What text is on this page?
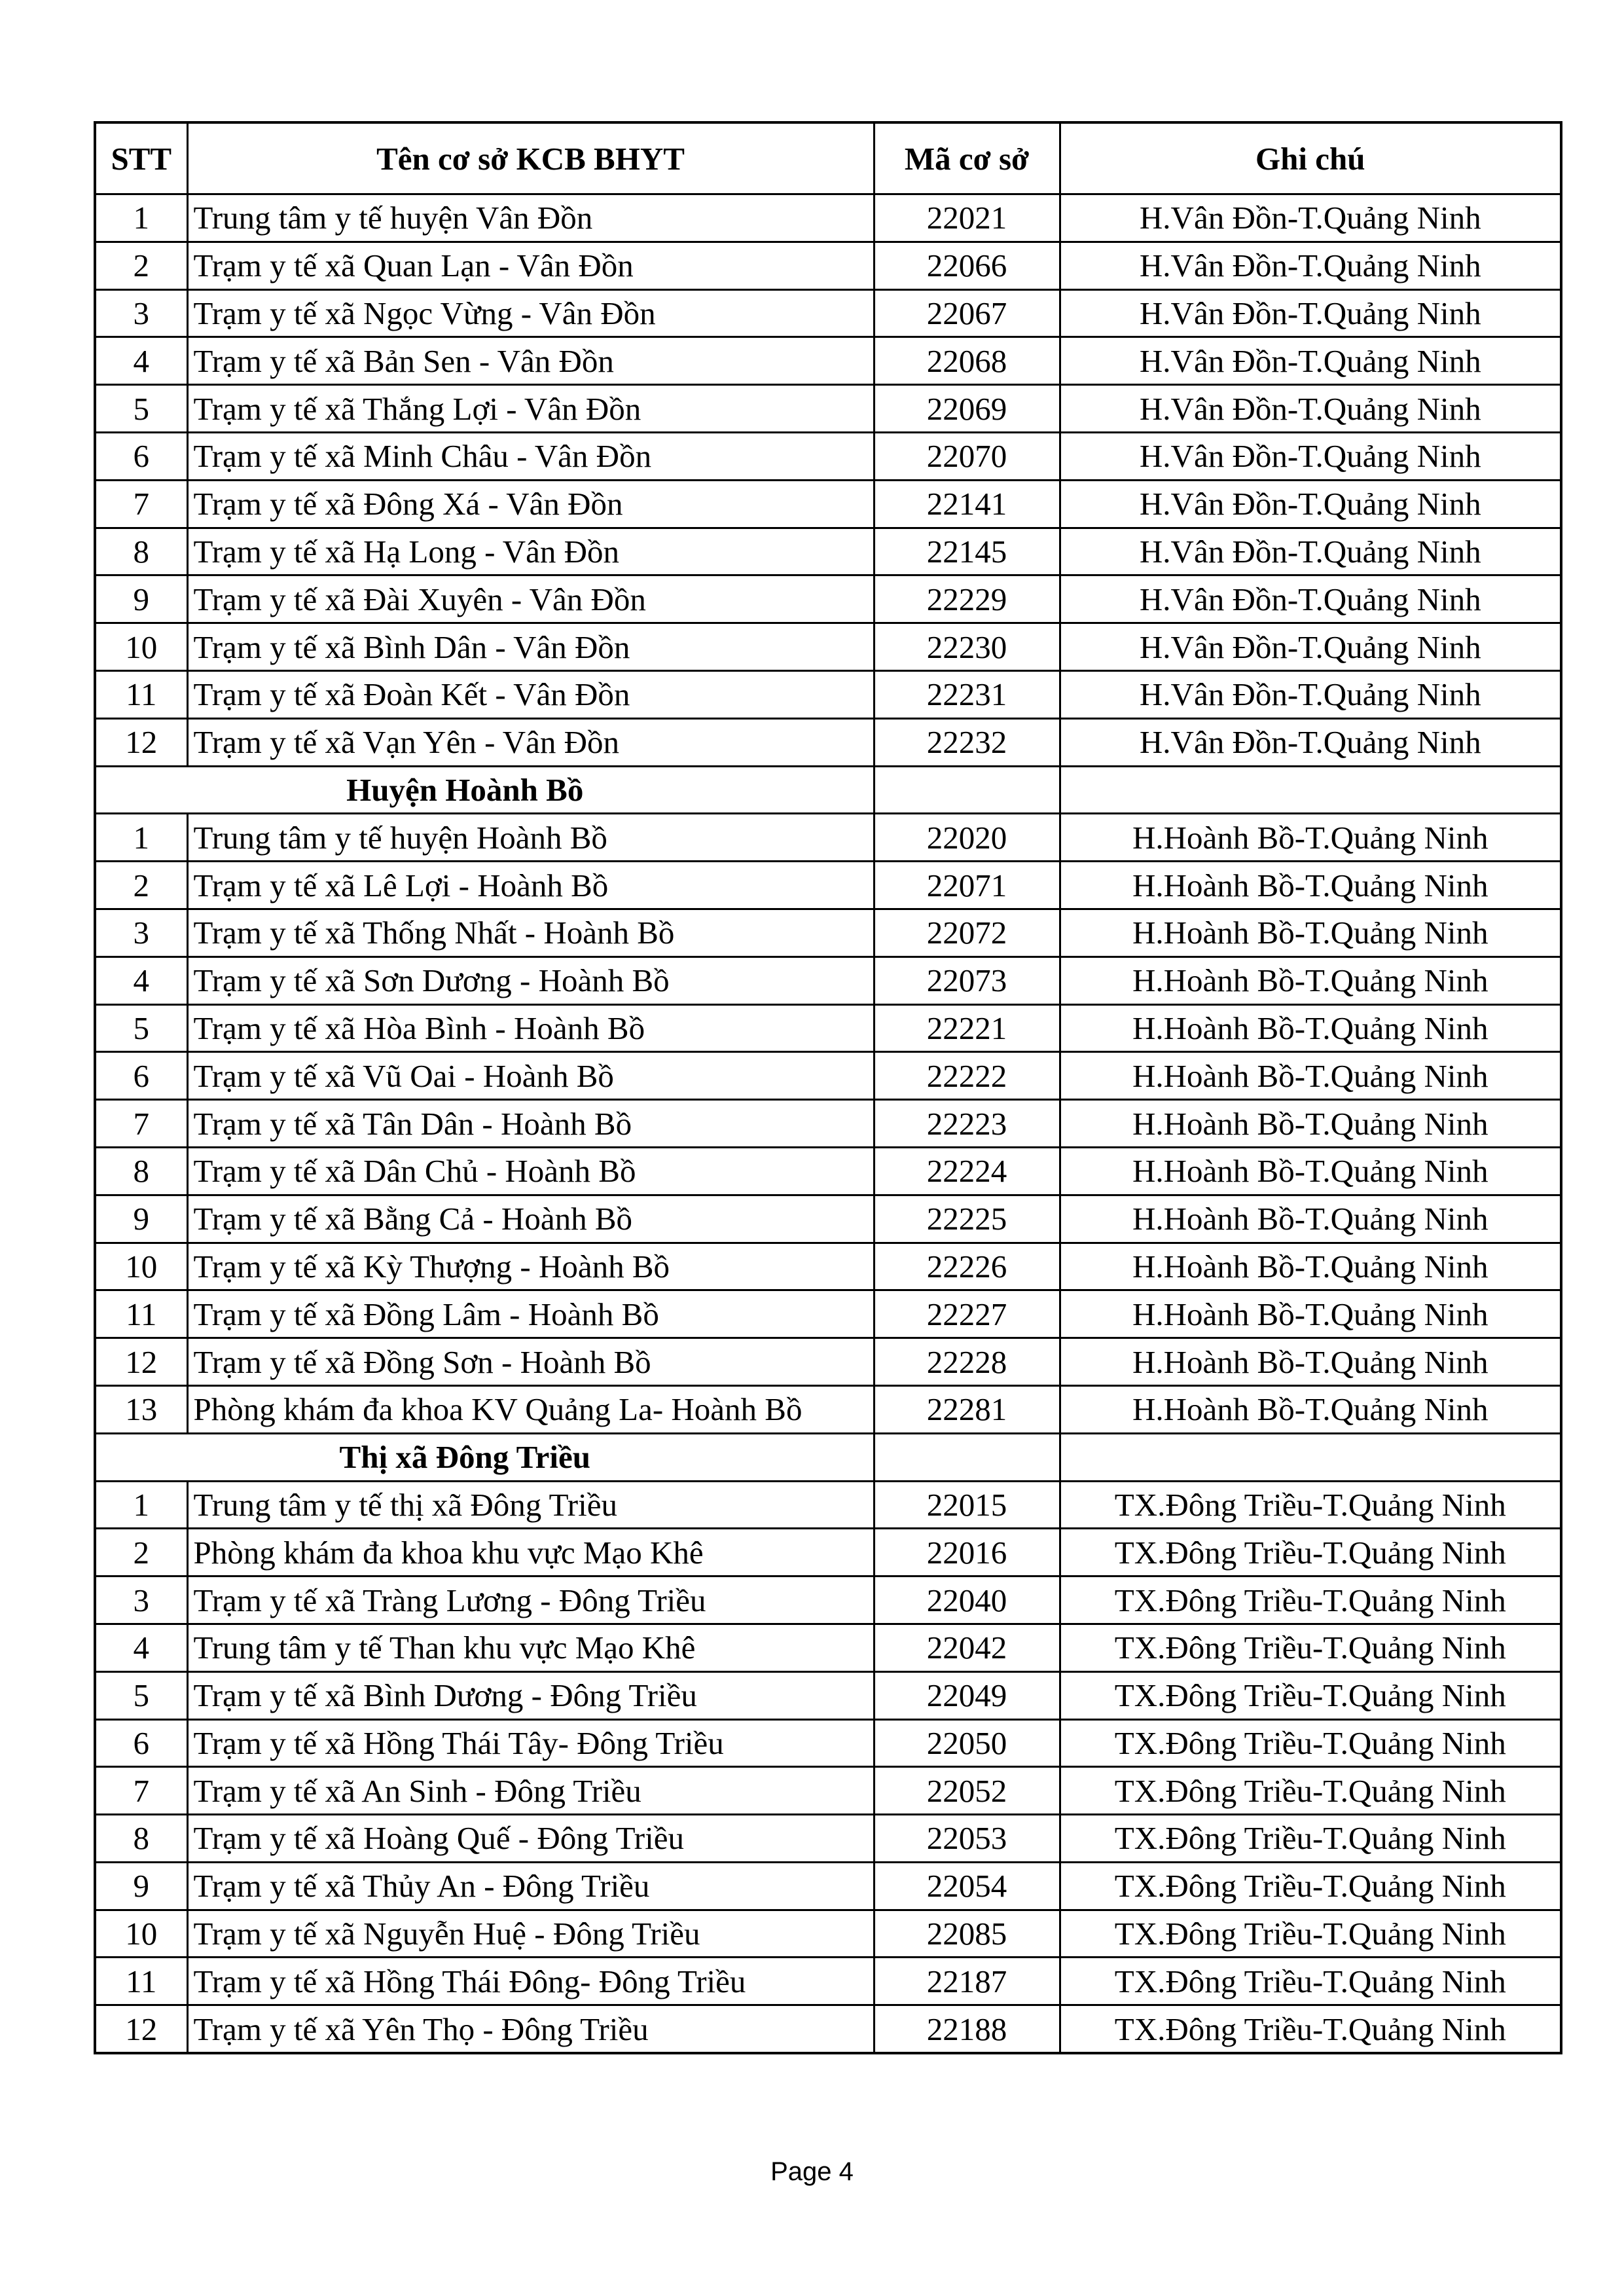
STT	Tên cơ sở KCB BHYT	Mã cơ sở	Ghi chú
1	Trung tâm y tế huyện Vân Đồn	22021	H.Vân Đồn-T.Quảng Ninh
2	Trạm y tế xã Quan Lạn - Vân Đồn	22066	H.Vân Đồn-T.Quảng Ninh
3	Trạm y tế xã Ngọc Vừng - Vân Đồn	22067	H.Vân Đồn-T.Quảng Ninh
4	Trạm y tế xã Bản Sen - Vân Đồn	22068	H.Vân Đồn-T.Quảng Ninh
5	Trạm y tế xã Thắng Lợi - Vân Đồn	22069	H.Vân Đồn-T.Quảng Ninh
6	Trạm y tế xã Minh Châu - Vân Đồn	22070	H.Vân Đồn-T.Quảng Ninh
7	Trạm y tế xã Đông Xá - Vân Đồn	22141	H.Vân Đồn-T.Quảng Ninh
8	Trạm y tế xã Hạ Long - Vân Đồn	22145	H.Vân Đồn-T.Quảng Ninh
9	Trạm y tế xã Đài Xuyên - Vân Đồn	22229	H.Vân Đồn-T.Quảng Ninh
10	Trạm y tế xã Bình Dân - Vân Đồn	22230	H.Vân Đồn-T.Quảng Ninh
11	Trạm y tế xã Đoàn Kết - Vân Đồn	22231	H.Vân Đồn-T.Quảng Ninh
12	Trạm y tế xã Vạn Yên - Vân Đồn	22232	H.Vân Đồn-T.Quảng Ninh
Huyện Hoành Bồ			
1	Trung tâm y tế huyện Hoành Bồ	22020	H.Hoành Bồ-T.Quảng Ninh
2	Trạm y tế xã Lê Lợi - Hoành Bồ	22071	H.Hoành Bồ-T.Quảng Ninh
3	Trạm y tế xã Thống Nhất - Hoành Bồ	22072	H.Hoành Bồ-T.Quảng Ninh
4	Trạm y tế xã Sơn Dương - Hoành Bồ	22073	H.Hoành Bồ-T.Quảng Ninh
5	Trạm y tế xã Hòa Bình - Hoành Bồ	22221	H.Hoành Bồ-T.Quảng Ninh
6	Trạm y tế xã Vũ Oai - Hoành Bồ	22222	H.Hoành Bồ-T.Quảng Ninh
7	Trạm y tế xã Tân Dân - Hoành Bồ	22223	H.Hoành Bồ-T.Quảng Ninh
8	Trạm y tế xã Dân Chủ - Hoành Bồ	22224	H.Hoành Bồ-T.Quảng Ninh
9	Trạm y tế xã Bằng Cả - Hoành Bồ	22225	H.Hoành Bồ-T.Quảng Ninh
10	Trạm y tế xã Kỳ Thượng - Hoành Bồ	22226	H.Hoành Bồ-T.Quảng Ninh
11	Trạm y tế xã Đồng Lâm - Hoành Bồ	22227	H.Hoành Bồ-T.Quảng Ninh
12	Trạm y tế xã Đồng Sơn - Hoành Bồ	22228	H.Hoành Bồ-T.Quảng Ninh
13	Phòng khám đa khoa KV Quảng La- Hoành Bồ	22281	H.Hoành Bồ-T.Quảng Ninh
Thị xã Đông Triều			
1	Trung tâm y tế thị xã Đông Triều	22015	TX.Đông Triều-T.Quảng Ninh
2	Phòng khám đa khoa khu vực Mạo Khê	22016	TX.Đông Triều-T.Quảng Ninh
3	Trạm y tế xã Tràng Lương - Đông Triều	22040	TX.Đông Triều-T.Quảng Ninh
4	Trung tâm y tế Than khu vực Mạo Khê	22042	TX.Đông Triều-T.Quảng Ninh
5	Trạm y tế xã Bình Dương - Đông Triều	22049	TX.Đông Triều-T.Quảng Ninh
6	Trạm y tế xã Hồng Thái Tây- Đông Triều	22050	TX.Đông Triều-T.Quảng Ninh
7	Trạm y tế xã An Sinh - Đông Triều	22052	TX.Đông Triều-T.Quảng Ninh
8	Trạm y tế xã Hoàng Quế - Đông Triều	22053	TX.Đông Triều-T.Quảng Ninh
9	Trạm y tế xã Thủy An - Đông Triều	22054	TX.Đông Triều-T.Quảng Ninh
10	Trạm y tế xã Nguyễn Huệ - Đông Triều	22085	TX.Đông Triều-T.Quảng Ninh
11	Trạm y tế xã Hồng Thái Đông- Đông Triều	22187	TX.Đông Triều-T.Quảng Ninh
12	Trạm y tế xã Yên Thọ - Đông Triều	22188	TX.Đông Triều-T.Quảng Ninh
Page 4
